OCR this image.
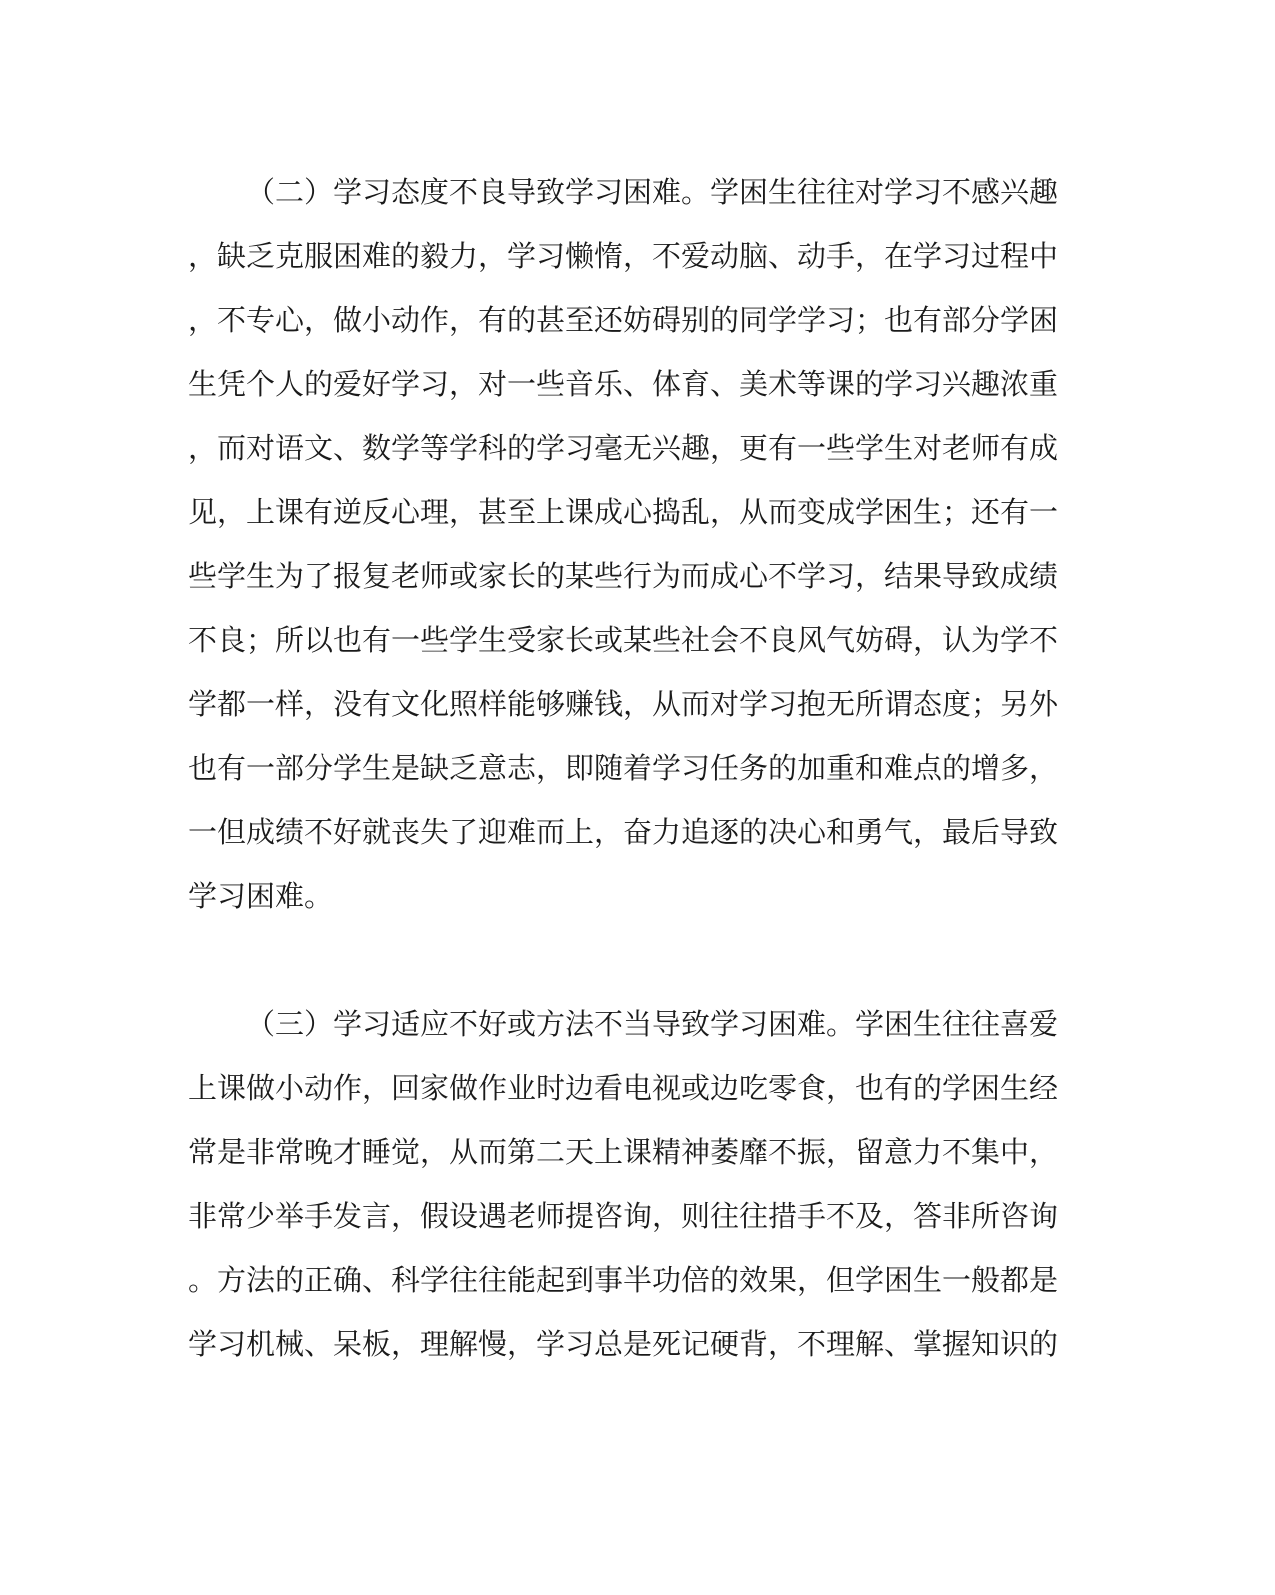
（二）学习态度不良导致学习困难。学困生往往对学习不感兴趣
，缺乏克服困难的毅力，学习懒惰，不爱动脑、动手，在学习过程中
，不专心，做小动作，有的甚至还妨碍别的同学学习；也有部分学困
生凭个人的爱好学习，对一些音乐、体育、美术等课的学习兴趣浓重
，而对语文、数学等学科的学习毫无兴趣，更有一些学生对老师有成
见，上课有逆反心理，甚至上课成心捣乱，从而变成学困生；还有一
些学生为了报复老师或家长的某些行为而成心不学习，结果导致成绩
不良；所以也有一些学生受家长或某些社会不良风气妨碍，认为学不
学都一样，没有文化照样能够赚钱，从而对学习抱无所谓态度；另外
也有一部分学生是缺乏意志，即随着学习任务的加重和难点的增多，
一但成绩不好就丧失了迎难而上，奋力追逐的决心和勇气，最后导致
学习困难。
（三）学习适应不好或方法不当导致学习困难。学困生往往喜爱
上课做小动作，回家做作业时边看电视或边吃零食，也有的学困生经
常是非常晚才睡觉，从而第二天上课精神萎靡不振，留意力不集中，
非常少举手发言，假设遇老师提咨询，则往往措手不及，答非所咨询
。方法的正确、科学往往能起到事半功倍的效果，但学困生一般都是
学习机械、呆板，理解慢，学习总是死记硬背，不理解、掌握知识的
